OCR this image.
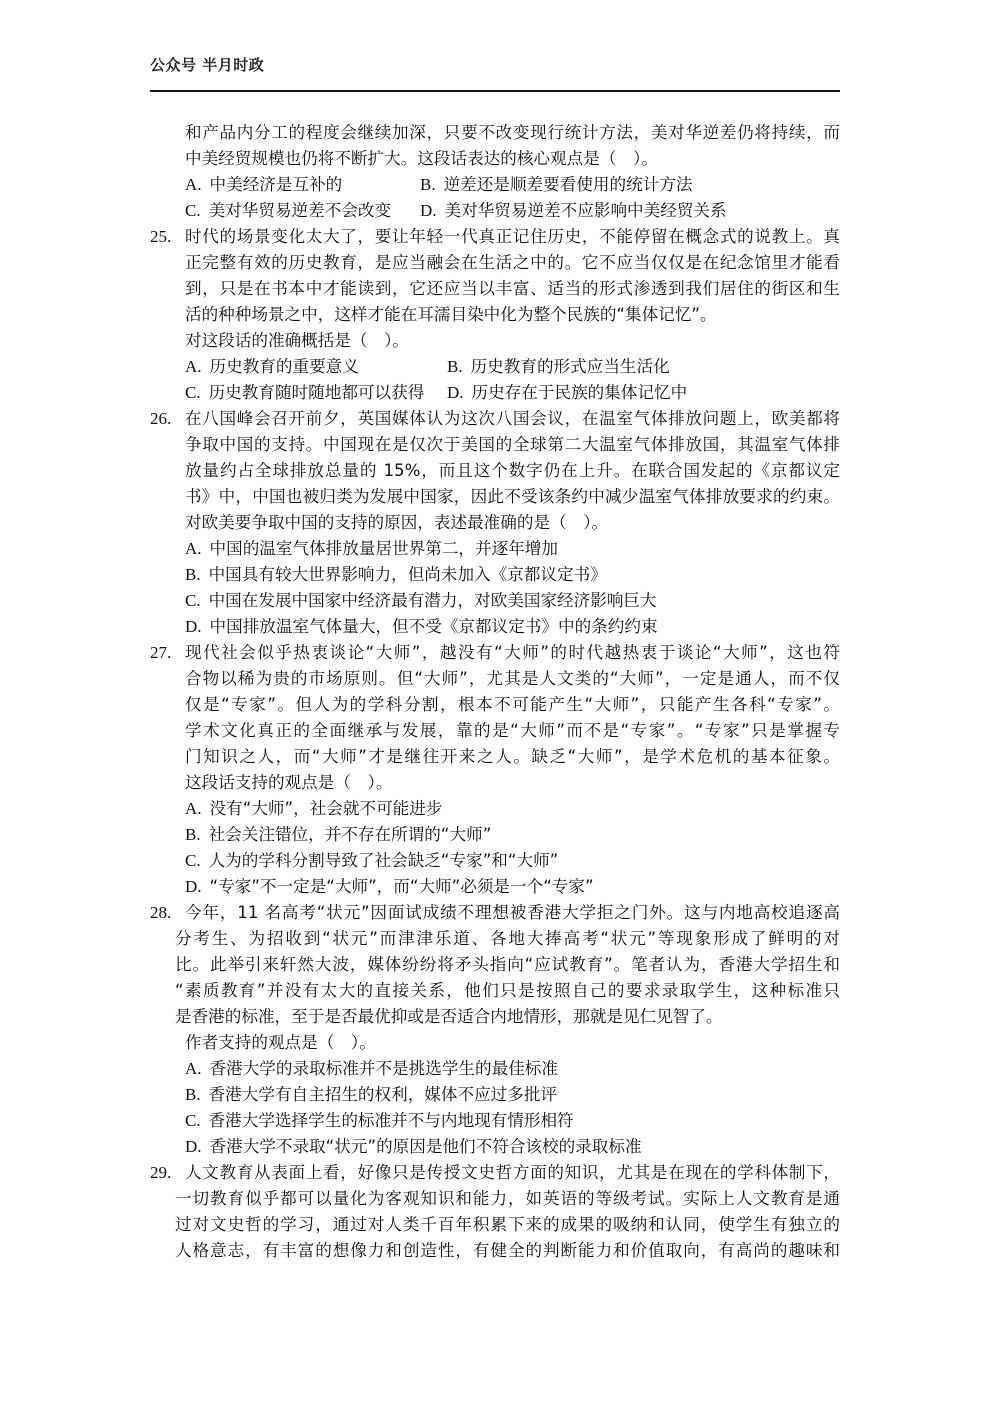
公众号 半月时政
和产品内分工的程度会继续加深，只要不改变现行统计方法，美对华逆差仍将持续，而
中美经贸规模也仍将不断扩大。这段话表达的核心观点是（　）。
A. 中美经济是互补的	B. 逆差还是顺差要看使用的统计方法
C. 美对华贸易逆差不会改变 D. 美对华贸易逆差不应影响中美经贸关系
25. 时代的场景变化太大了，要让年轻一代真正记住历史，不能停留在概念式的说教上。真
正完整有效的历史教育，是应当融会在生活之中的。它不应当仅仅是在纪念馆里才能看
到，只是在书本中才能读到，它还应当以丰富、适当的形式渗透到我们居住的街区和生
活的种种场景之中，这样才能在耳濡目染中化为整个民族的“集体记忆”。
对这段话的准确概括是（　）。
A. 历史教育的重要意义	B. 历史教育的形式应当生活化
C. 历史教育随时随地都可以获得 D. 历史存在于民族的集体记忆中
26. 在八国峰会召开前夕，英国媒体认为这次八国会议，在温室气体排放问题上，欧美都将
争取中国的支持。中国现在是仅次于美国的全球第二大温室气体排放国，其温室气体排
放量约占全球排放总量的 15%，而且这个数字仍在上升。在联合国发起的《京都议定
书》中，中国也被归类为发展中国家，因此不受该条约中减少温室气体排放要求的约束。
对欧美要争取中国的支持的原因，表述最准确的是（　）。
A. 中国的温室气体排放量居世界第二，并逐年增加
B. 中国具有较大世界影响力，但尚未加入《京都议定书》
C. 中国在发展中国家中经济最有潜力，对欧美国家经济影响巨大
D. 中国排放温室气体量大，但不受《京都议定书》中的条约约束
27. 现代社会似乎热衷谈论“大师”，越没有“大师”的时代越热衷于谈论“大师”，这也符
合物以稀为贵的市场原则。但“大师”，尤其是人文类的“大师”，一定是通人，而不仅
仅是“专家”。但人为的学科分割，根本不可能产生“大师”，只能产生各科“专家”。
学术文化真正的全面继承与发展，靠的是“大师”而不是“专家”。“专家”只是掌握专
门知识之人，而“大师”才是继往开来之人。缺乏“大师”，是学术危机的基本征象。
这段话支持的观点是（　）。
A. 没有“大师”，社会就不可能进步
B. 社会关注错位，并不存在所谓的“大师”
C. 人为的学科分割导致了社会缺乏“专家”和“大师”
D. “专家”不一定是“大师”，而“大师”必须是一个“专家”
28. 今年，11 名高考“状元”因面试成绩不理想被香港大学拒之门外。这与内地高校追逐高
分考生、为招收到“状元”而津津乐道、各地大捧高考“状元”等现象形成了鲜明的对
比。此举引来轩然大波，媒体纷纷将矛头指向“应试教育”。笔者认为，香港大学招生和
“素质教育”并没有太大的直接关系，他们只是按照自己的要求录取学生，这种标准只
是香港的标准，至于是否最优抑或是否适合内地情形，那就是见仁见智了。
作者支持的观点是（　）。
A. 香港大学的录取标准并不是挑选学生的最佳标准
B. 香港大学有自主招生的权利，媒体不应过多批评
C. 香港大学选择学生的标准并不与内地现有情形相符
D. 香港大学不录取“状元”的原因是他们不符合该校的录取标准
29. 人文教育从表面上看，好像只是传授文史哲方面的知识，尤其是在现在的学科体制下，
一切教育似乎都可以量化为客观知识和能力，如英语的等级考试。实际上人文教育是通
过对文史哲的学习，通过对人类千百年积累下来的成果的吸纳和认同，使学生有独立的
人格意志，有丰富的想像力和创造性，有健全的判断能力和价值取向，有高尚的趣味和
